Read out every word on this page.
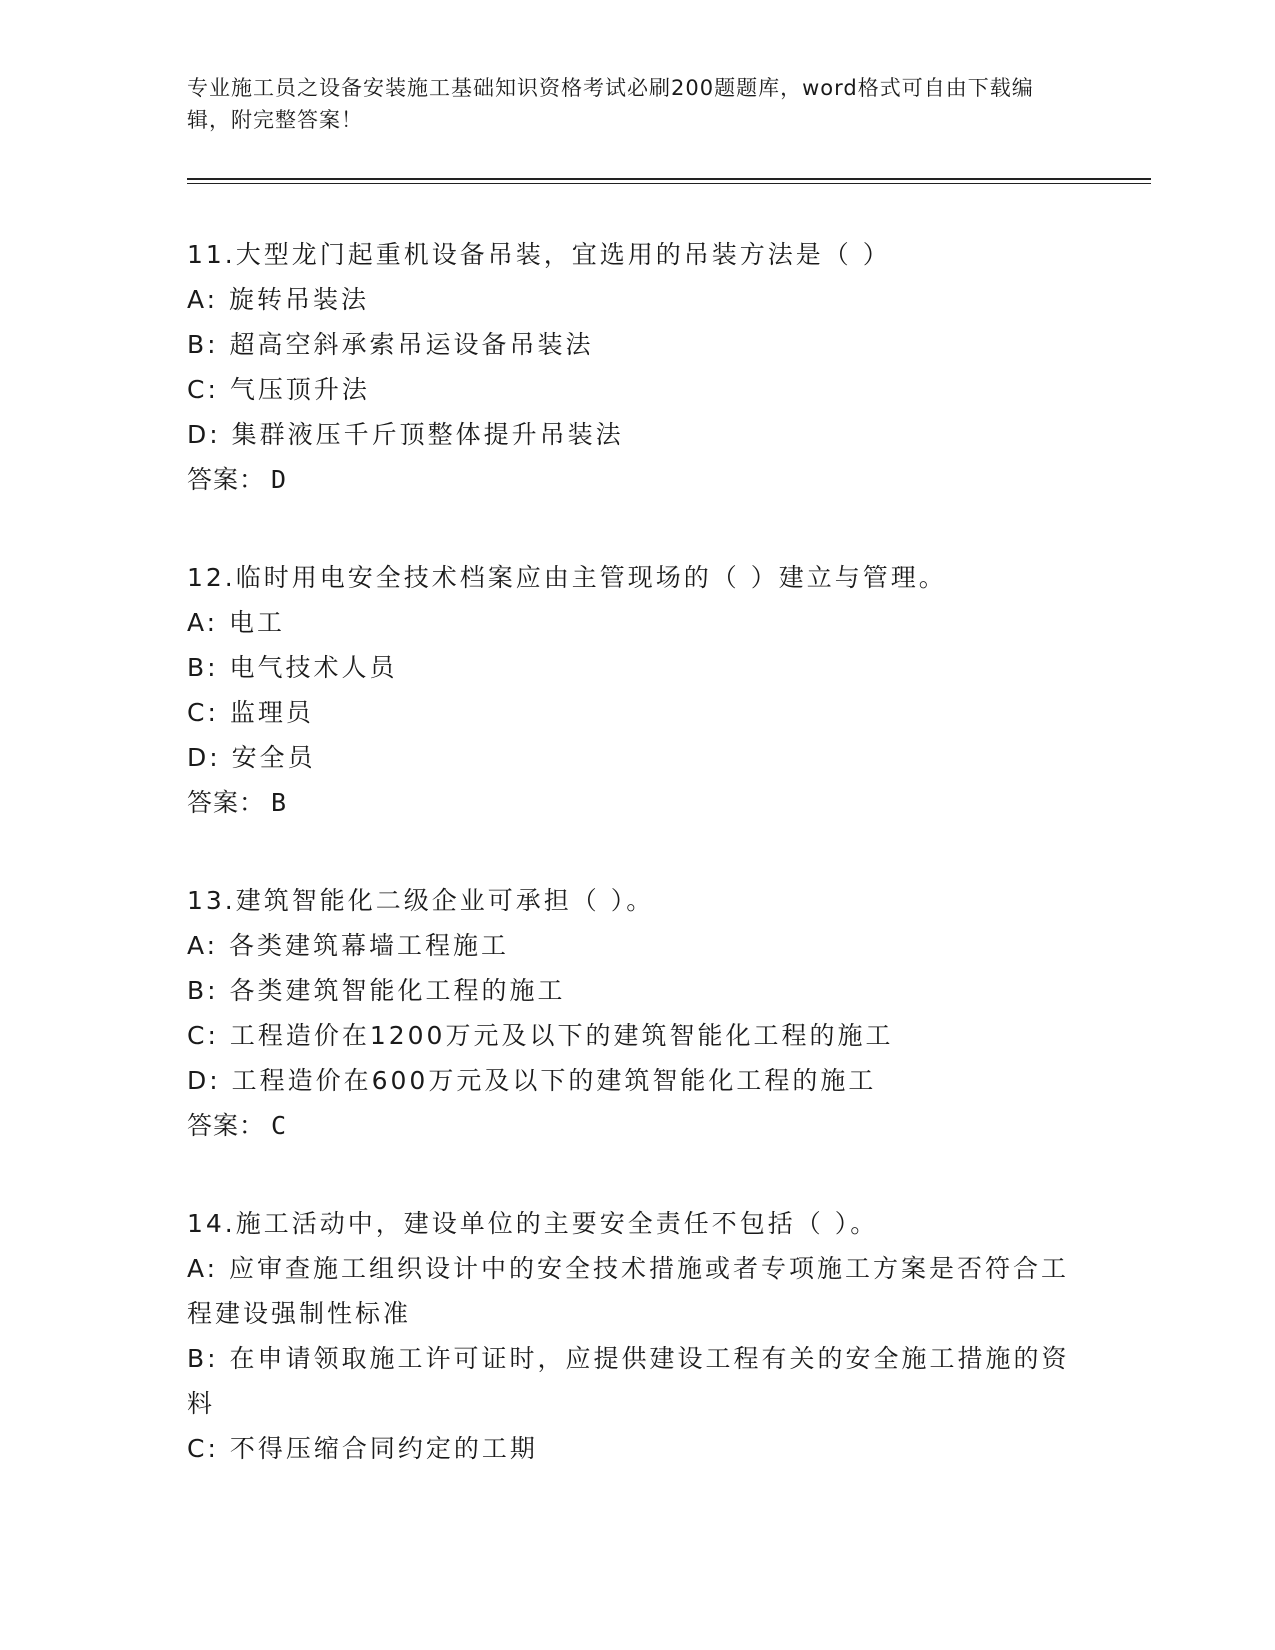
专业施工员之设备安装施工基础知识资格考试必刷200题题库，word格式可自由下载编辑，附完整答案！
11.大型龙门起重机设备吊装，宜选用的吊装方法是（ ）
A: 旋转吊装法
B: 超高空斜承索吊运设备吊装法
C: 气压顶升法
D: 集群液压千斤顶整体提升吊装法
答案： D
12.临时用电安全技术档案应由主管现场的（ ）建立与管理。
A: 电工
B: 电气技术人员
C: 监理员
D: 安全员
答案： B
13.建筑智能化二级企业可承担（ ）。
A: 各类建筑幕墙工程施工
B: 各类建筑智能化工程的施工
C: 工程造价在1200万元及以下的建筑智能化工程的施工
D: 工程造价在600万元及以下的建筑智能化工程的施工
答案： C
14.施工活动中，建设单位的主要安全责任不包括（ ）。
A: 应审查施工组织设计中的安全技术措施或者专项施工方案是否符合工程建设强制性标准
B: 在申请领取施工许可证时，应提供建设工程有关的安全施工措施的资料
C: 不得压缩合同约定的工期
